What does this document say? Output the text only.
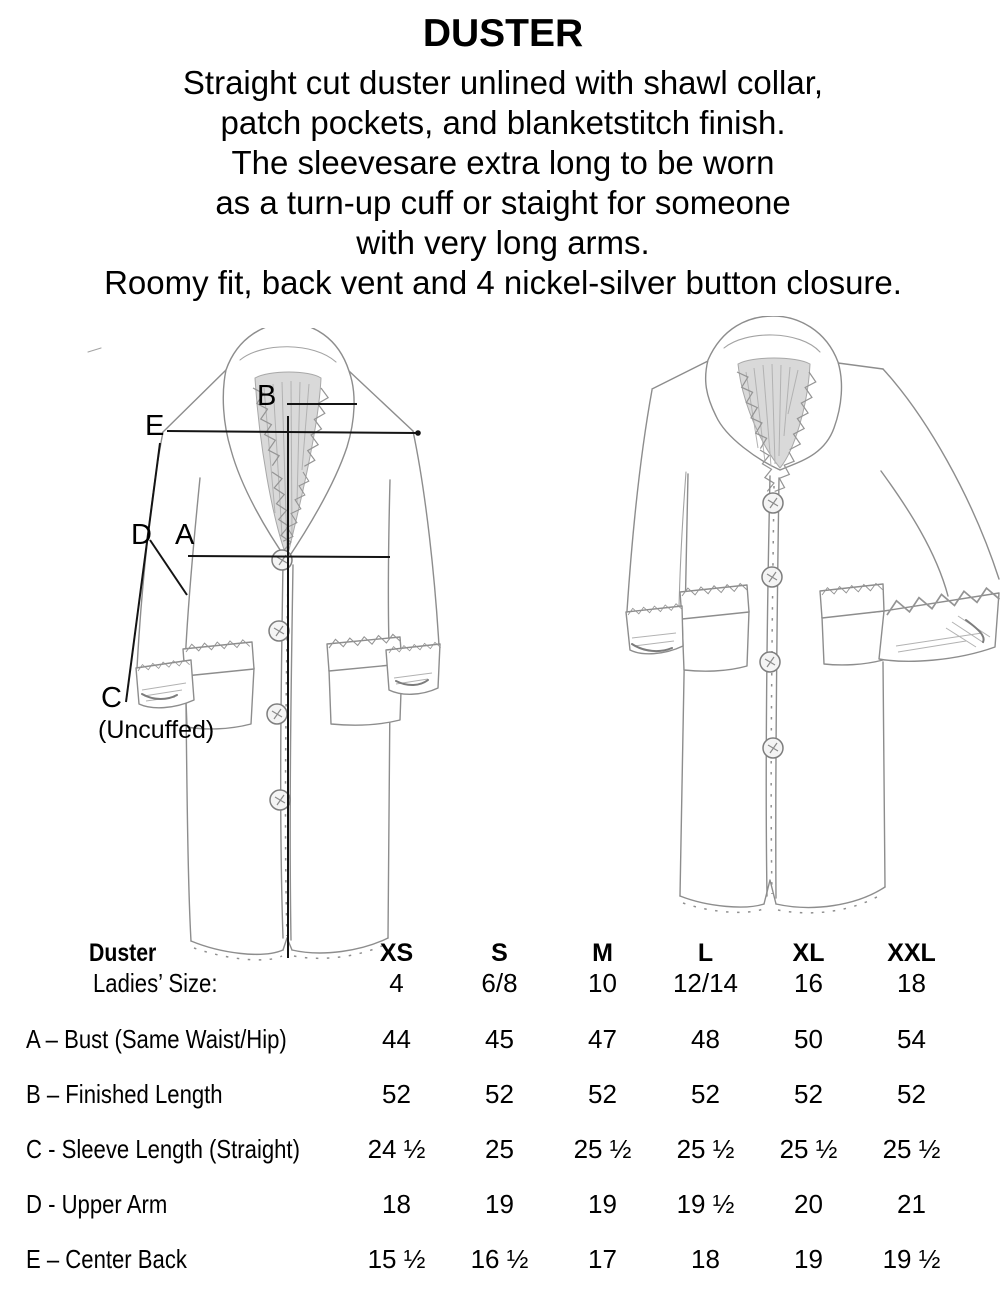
DUSTER

Straight cut duster unlined with shawl collar,

patch pockets, and blanketstitch finish.

The sleevesare extra long to be worn

as a turn-up cuff or staight for someone

with very long arms.

Roomy fit, back vent and 4 nickel-silver button closure.

B
E
D A
C
(Uncuffed)
Duster	XS	S	M	L	XL	XXL
Ladies’ Size:	4	6/8	10	12/14	16	18
A – Bust (Same Waist/Hip)	44	45	47	48	50	54
B – Finished Length	52	52	52	52	52	52
C - Sleeve Length (Straight)	24 ½	25	25 ½	25 ½	25 ½	25 ½
D - Upper Arm	18	19	19	19 ½	20	21
E – Center Back	15 ½	16 ½	17	18	19	19 ½
